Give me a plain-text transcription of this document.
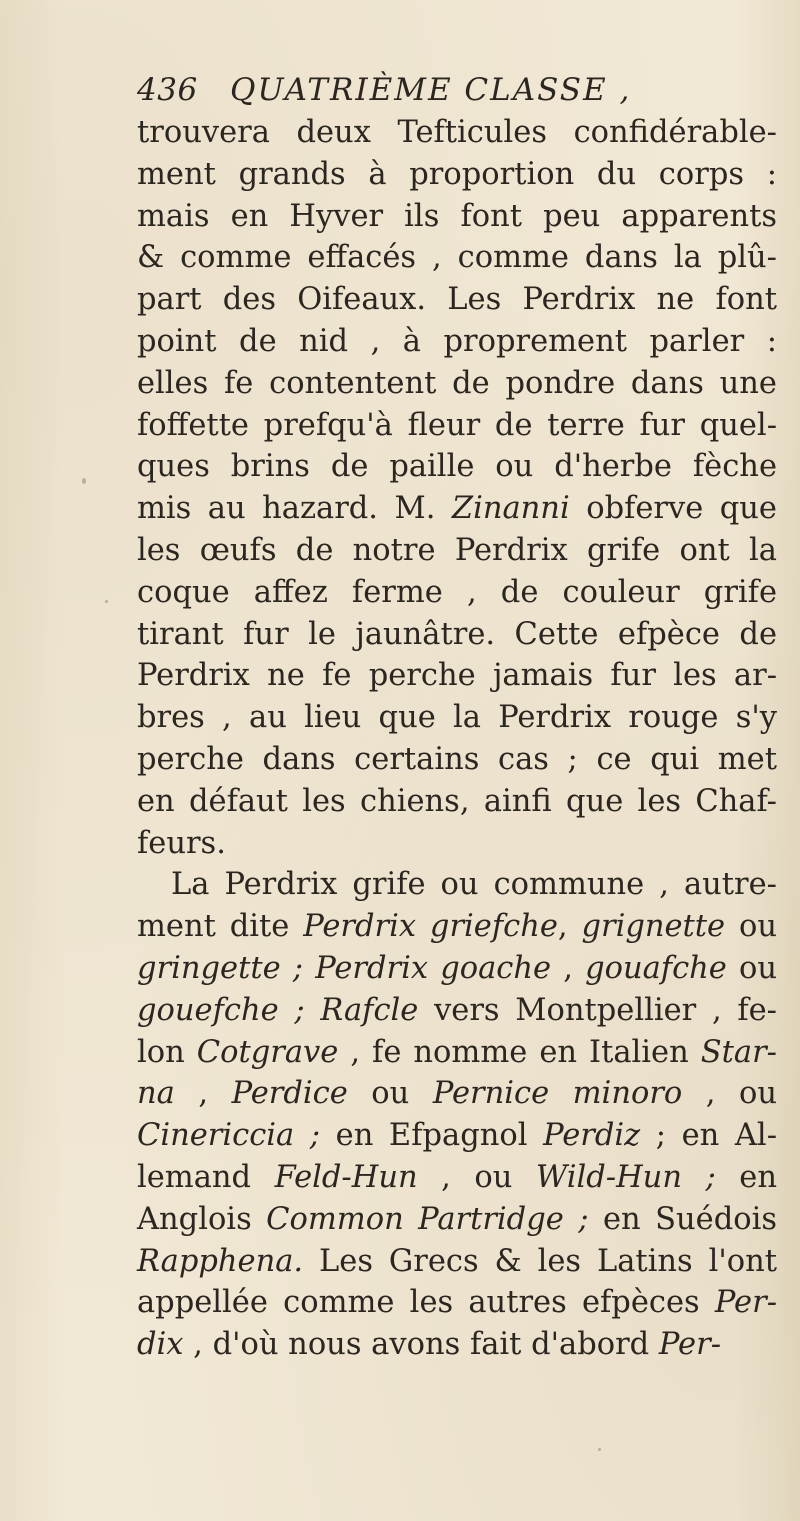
436 QUATRIÈME CLASSE ,
trouvera deux Tefticules confidérable-
ment grands à proportion du corps :
mais en Hyver ils font peu apparents
& comme effacés , comme dans la plû-
part des Oifeaux. Les Perdrix ne font
point de nid , à proprement parler :
elles fe contentent de pondre dans une
foffette prefqu'à fleur de terre fur quel-
ques brins de paille ou d'herbe fèche
mis au hazard. M. Zinanni obferve que
les œufs de notre Perdrix grife ont la
coque affez ferme , de couleur grife
tirant fur le jaunâtre. Cette efpèce de
Perdrix ne fe perche jamais fur les ar-
bres , au lieu que la Perdrix rouge s'y
perche dans certains cas ; ce qui met
en défaut les chiens, ainfi que les Chaf-
feurs.
La Perdrix grife ou commune , autre-
ment dite Perdrix griefche, grignette ou
gringette ; Perdrix goache , gouafche ou
gouefche ; Rafcle vers Montpellier , fe-
lon Cotgrave , fe nomme en Italien Star-
na , Perdice ou Pernice minoro , ou
Cinericcia ; en Efpagnol Perdiz ; en Al-
lemand Feld-Hun , ou Wild-Hun ; en
Anglois Common Partridge ; en Suédois
Rapphena. Les Grecs & les Latins l'ont
appellée comme les autres efpèces Per-
dix , d'où nous avons fait d'abord Per-
